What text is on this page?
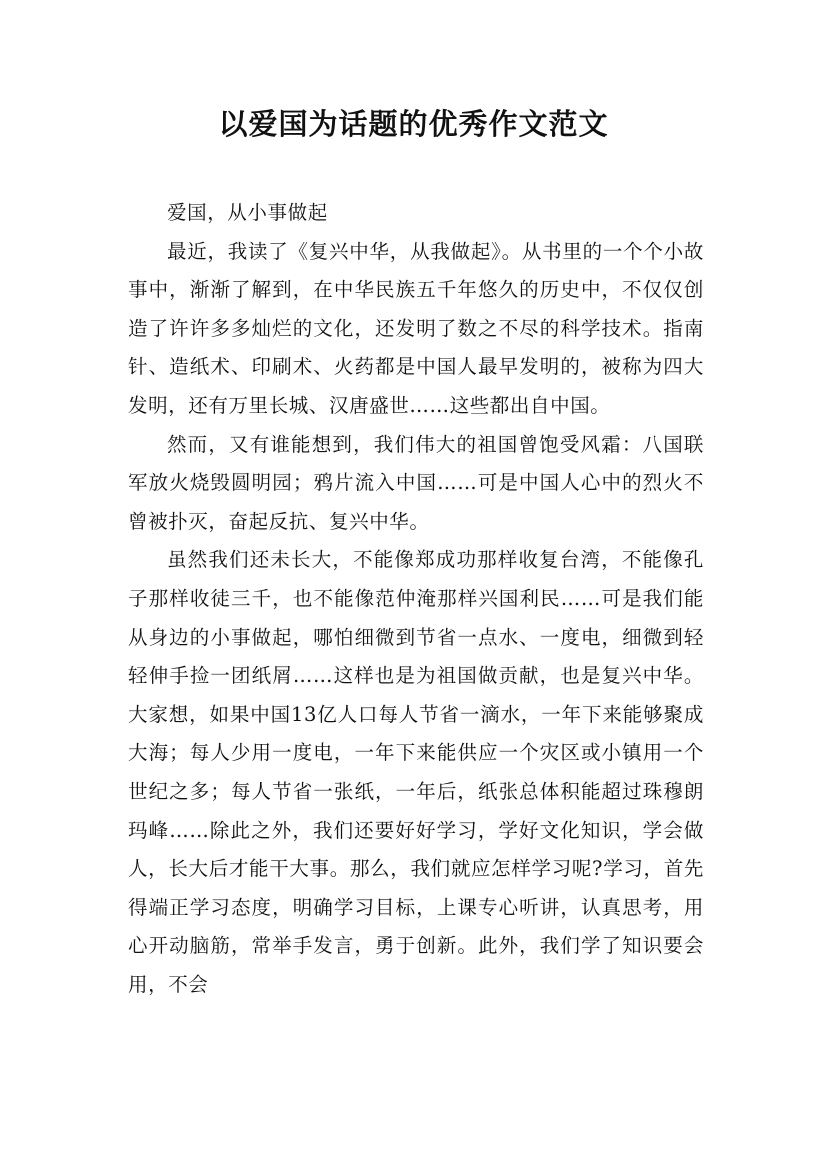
以爱国为话题的优秀作文范文

爱国，从小事做起

最近，我读了《复兴中华，从我做起》。从书里的一个个小故事中，渐渐了解到，在中华民族五千年悠久的历史中，不仅仅创造了许许多多灿烂的文化，还发明了数之不尽的科学技术。指南针、造纸术、印刷术、火药都是中国人最早发明的，被称为四大发明，还有万里长城、汉唐盛世……这些都出自中国。

然而，又有谁能想到，我们伟大的祖国曾饱受风霜：八国联军放火烧毁圆明园；鸦片流入中国……可是中国人心中的烈火不曾被扑灭，奋起反抗、复兴中华。

虽然我们还未长大，不能像郑成功那样收复台湾，不能像孔子那样收徒三千，也不能像范仲淹那样兴国利民……可是我们能从身边的小事做起，哪怕细微到节省一点水、一度电，细微到轻轻伸手捡一团纸屑……这样也是为祖国做贡献，也是复兴中华。大家想，如果中国13亿人口每人节省一滴水，一年下来能够聚成大海；每人少用一度电，一年下来能供应一个灾区或小镇用一个世纪之多；每人节省一张纸，一年后，纸张总体积能超过珠穆朗玛峰……除此之外，我们还要好好学习，学好文化知识，学会做人，长大后才能干大事。那么，我们就应怎样学习呢?学习，首先得端正学习态度，明确学习目标，上课专心听讲，认真思考，用心开动脑筋，常举手发言，勇于创新。此外，我们学了知识要会用，不会
